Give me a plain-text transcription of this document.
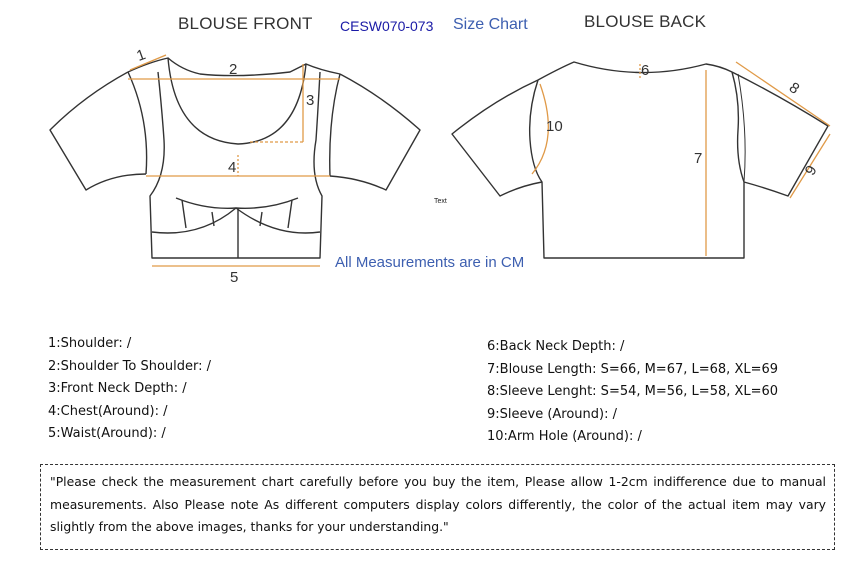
BLOUSE FRONT CESW070-073 Size Chart	BLOUSE BACK
1
2
3
4
5
6
7
8
9
10
Text
All Measurements are in CM
1:Shoulder: /
2:Shoulder To Shoulder: /
3:Front Neck Depth: /
4:Chest(Around): /
5:Waist(Around): /
6:Back Neck Depth: /
7:Blouse Length: S=66, M=67, L=68, XL=69
8:Sleeve Lenght: S=54, M=56, L=58, XL=60
9:Sleeve (Around): /
10:Arm Hole (Around): /
"Please check the measurement chart carefully before you buy the item, Please allow 1-2cm indifference due to manual measurements. Also Please note As different computers display colors differently, the color of the actual item may vary slightly from the above images, thanks for your understanding."
